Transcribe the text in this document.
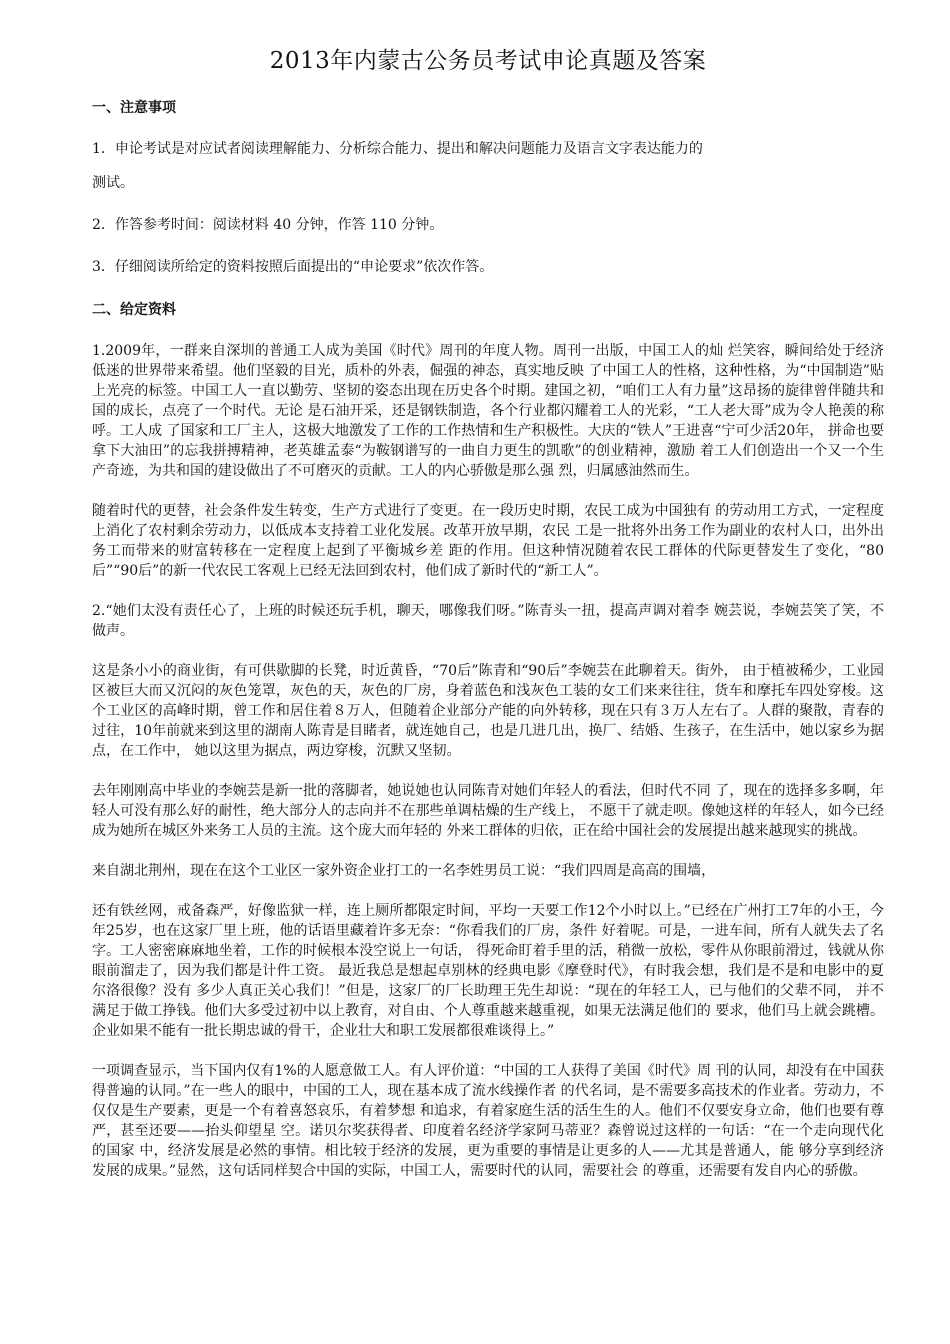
2013年内蒙古公务员考试申论真题及答案
一、注意事项
1．申论考试是对应试者阅读理解能力、分析综合能力、提出和解决问题能力及语言文字表达能力的
测试。
2．作答参考时间：阅读材料 40 分钟，作答 110 分钟。
3．仔细阅读所给定的资料按照后面提出的“申论要求”依次作答。
二、给定资料
1.2009年，一群来自深圳的普通工人成为美国《时代》周刊的年度人物。周刊一出版，中国工人的灿 烂笑容，瞬间给处于经济低迷的世界带来希望。他们坚毅的目光，质朴的外表，倔强的神态，真实地反映 了中国工人的性格，这种性格，为“中国制造”贴上光亮的标签。中国工人一直以勤劳、坚韧的姿态出现在历史各个时期。建国之初，“咱们工人有力量”这昂扬的旋律曾伴随共和国的成长，点亮了一个时代。无论 是石油开采，还是钢铁制造，各个行业都闪耀着工人的光彩，“工人老大哥”成为令人艳羡的称呼。工人成 了国家和工厂主人，这极大地激发了工作的工作热情和生产积极性。大庆的“铁人”王进喜“宁可少活20年， 拼命也要拿下大油田”的忘我拼搏精神，老英雄孟泰“为鞍钢谱写的一曲自力更生的凯歌”的创业精神，激励 着工人们创造出一个又一个生产奇迹，为共和国的建设做出了不可磨灭的贡献。工人的内心骄傲是那么强 烈，归属感油然而生。
随着时代的更替，社会条件发生转变，生产方式进行了变更。在一段历史时期，农民工成为中国独有 的劳动用工方式，一定程度上消化了农村剩余劳动力，以低成本支持着工业化发展。改革开放早期，农民 工是一批将外出务工作为副业的农村人口，出外出务工而带来的财富转移在一定程度上起到了平衡城乡差 距的作用。但这种情况随着农民工群体的代际更替发生了变化，“80后”“90后”的新一代农民工客观上已经无法回到农村，他们成了新时代的“新工人”。
2.“她们太没有责任心了，上班的时候还玩手机，聊天，哪像我们呀。”陈青头一扭，提高声调对着李 婉芸说，李婉芸笑了笑，不做声。
这是条小小的商业街，有可供歇脚的长凳，时近黄昏，“70后”陈青和“90后”李婉芸在此聊着天。街外， 由于植被稀少，工业园区被巨大而又沉闷的灰色笼罩，灰色的天，灰色的厂房，身着蓝色和浅灰色工装的女工们来来往往，货车和摩托车四处穿梭。这个工业区的高峰时期，曾工作和居住着８万人，但随着企业部分产能的向外转移，现在只有３万人左右了。人群的聚散，青春的过往，10年前就来到这里的湖南人陈青是目睹者，就连她自己，也是几进几出，换厂、结婚、生孩子，在生活中，她以家乡为据点，在工作中， 她以这里为据点，两边穿梭，沉默又坚韧。
去年刚刚高中毕业的李婉芸是新一批的落脚者，她说她也认同陈青对她们年轻人的看法，但时代不同 了，现在的选择多多啊，年轻人可没有那么好的耐性，绝大部分人的志向并不在那些单调枯燥的生产线上， 不愿干了就走呗。像她这样的年轻人，如今已经成为她所在城区外来务工人员的主流。这个庞大而年轻的 外来工群体的归依，正在给中国社会的发展提出越来越现实的挑战。
来自湖北荆州，现在在这个工业区一家外资企业打工的一名李姓男员工说：“我们四周是高高的围墙，
还有铁丝网，戒备森严，好像监狱一样，连上厕所都限定时间，平均一天要工作12个小时以上。”已经在广州打工7年的小王，今年25岁，也在这家厂里上班，他的话语里藏着许多无奈：“你看我们的厂房，条件 好着呢。可是，一进车间，所有人就失去了名字。工人密密麻麻地坐着，工作的时候根本没空说上一句话， 得死命盯着手里的活，稍微一放松，零件从你眼前滑过，钱就从你眼前溜走了，因为我们都是计件工资。 最近我总是想起卓别林的经典电影《摩登时代》，有时我会想，我们是不是和电影中的夏尔洛很像？没有 多少人真正关心我们！”但是，这家厂的厂长助理王先生却说：“现在的年轻工人，已与他们的父辈不同， 并不满足于做工挣钱。他们大多受过初中以上教育，对自由、个人尊重越来越重视，如果无法满足他们的 要求，他们马上就会跳槽。企业如果不能有一批长期忠诚的骨干，企业壮大和职工发展都很难谈得上。”
一项调查显示，当下国内仅有1%的人愿意做工人。有人评价道：“中国的工人获得了美国《时代》周 刊的认同，却没有在中国获得普遍的认同。”在一些人的眼中，中国的工人，现在基本成了流水线操作者 的代名词，是不需要多高技术的作业者。劳动力，不仅仅是生产要素，更是一个有着喜怒哀乐，有着梦想 和追求，有着家庭生活的活生生的人。他们不仅要安身立命，他们也要有尊严，甚至还要——抬头仰望星 空。诺贝尔奖获得者、印度着名经济学家阿马蒂亚？森曾说过这样的一句话：“在一个走向现代化的国家 中，经济发展是必然的事情。相比较于经济的发展，更为重要的事情是让更多的人——尤其是普通人，能 够分享到经济发展的成果。”显然，这句话同样契合中国的实际，中国工人，需要时代的认同，需要社会 的尊重，还需要有发自内心的骄傲。
